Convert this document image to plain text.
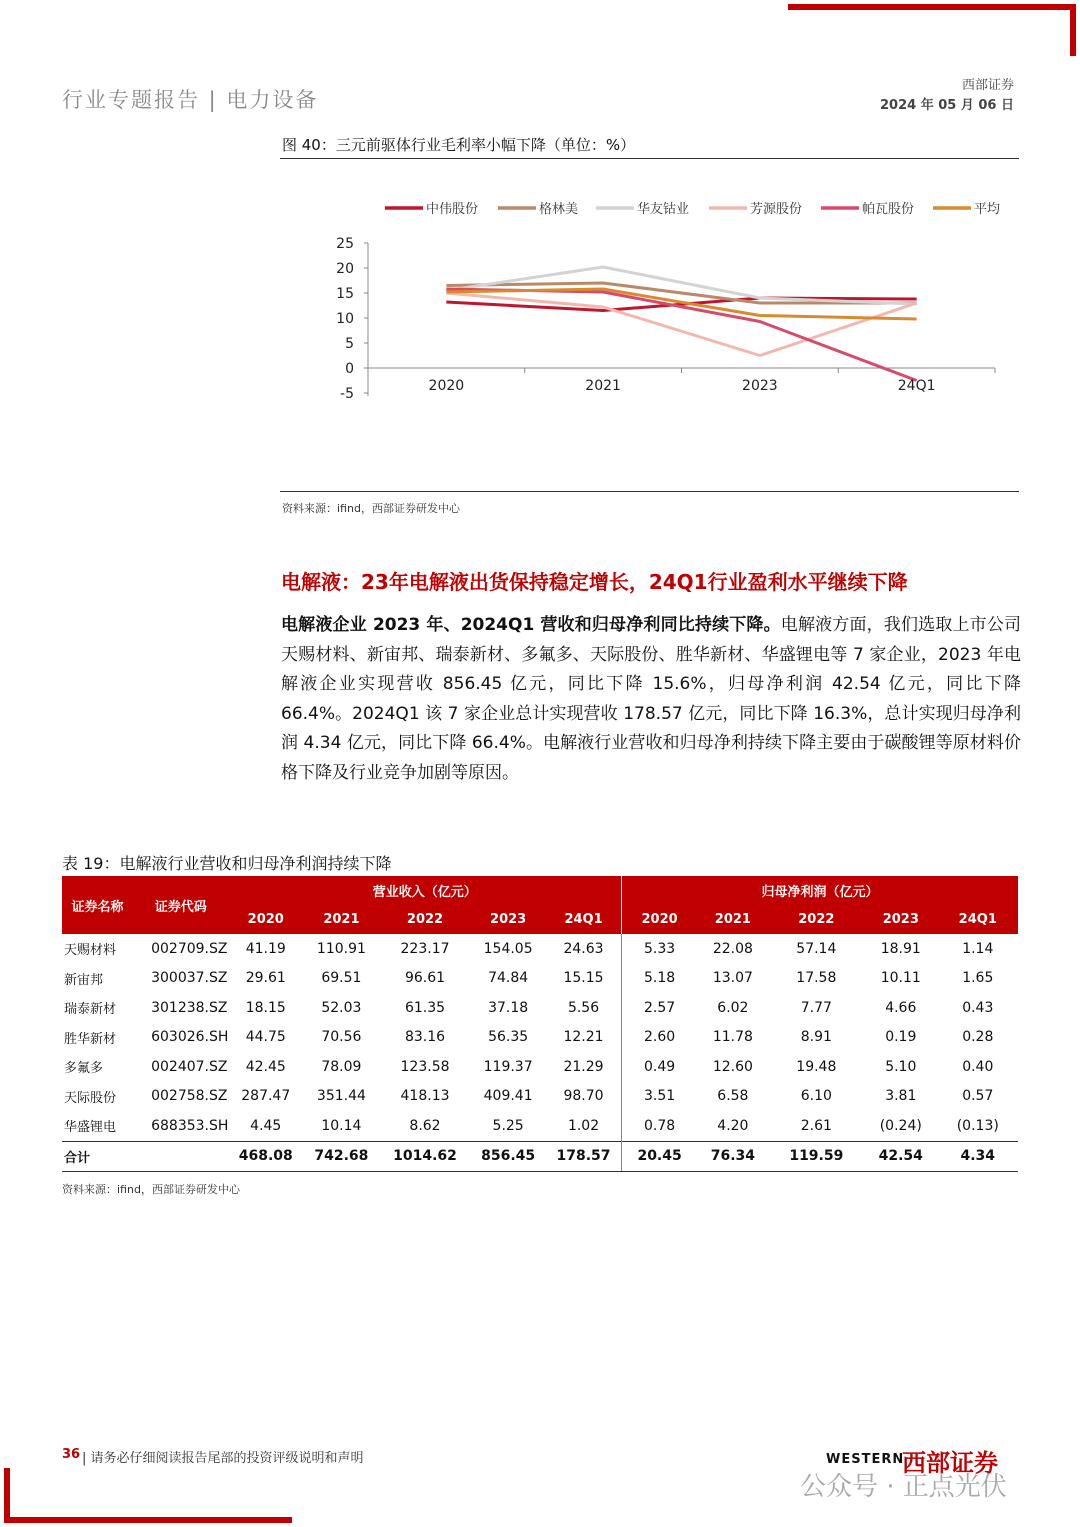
行业专题报告 | 电力设备
西部证券
2024 年 05 月 06 日
图 40：三元前驱体行业毛利率小幅下降（单位：%）
中伟股份	格林美	华友钴业	芳源股份	帕瓦股份	平均
25
20
15
10
5
0
-5	2020	2021	2023	24Q1
资料来源：ifind，西部证券研发中心
电解液：23年电解液出货保持稳定增长，24Q1行业盈利水平继续下降
电解液企业 2023 年、2024Q1 营收和归母净利同比持续下降。电解液方面，我们选取上市公司天赐材料、新宙邦、瑞泰新材、多氟多、天际股份、胜华新材、华盛锂电等 7 家企业，2023 年电解液企业实现营收 856.45 亿元，同比下降 15.6%，归母净利润 42.54 亿元，同比下降 66.4%。2024Q1 该 7 家企业总计实现营收 178.57 亿元，同比下降 16.3%，总计实现归母净利润 4.34 亿元，同比下降 66.4%。电解液行业营收和归母净利持续下降主要由于碳酸锂等原材料价格下降及行业竞争加剧等原因。
表 19：电解液行业营收和归母净利润持续下降
证券名称	证券代码	营业收入（亿元）					归母净利润（亿元）				
		2020	2021	2022	2023	24Q1	2020	2021	2022	2023	24Q1
天赐材料	002709.SZ	41.19	110.91	223.17	154.05	24.63	5.33	22.08	57.14	18.91	1.14
新宙邦	300037.SZ	29.61	69.51	96.61	74.84	15.15	5.18	13.07	17.58	10.11	1.65
瑞泰新材	301238.SZ	18.15	52.03	61.35	37.18	5.56	2.57	6.02	7.77	4.66	0.43
胜华新材	603026.SH	44.75	70.56	83.16	56.35	12.21	2.60	11.78	8.91	0.19	0.28
多氟多	002407.SZ	42.45	78.09	123.58	119.37	21.29	0.49	12.60	19.48	5.10	0.40
天际股份	002758.SZ	287.47	351.44	418.13	409.41	98.70	3.51	6.58	6.10	3.81	0.57
华盛锂电	688353.SH	4.45	10.14	8.62	5.25	1.02	0.78	4.20	2.61	(0.24)	(0.13)
合计		468.08	742.68	1014.62	856.45	178.57	20.45	76.34	119.59	42.54	4.34
资料来源：ifind，西部证券研发中心
36 | 请务必仔细阅读报告尾部的投资评级说明和声明	WESTERN
西部证券
公众号 · 正点光伏
